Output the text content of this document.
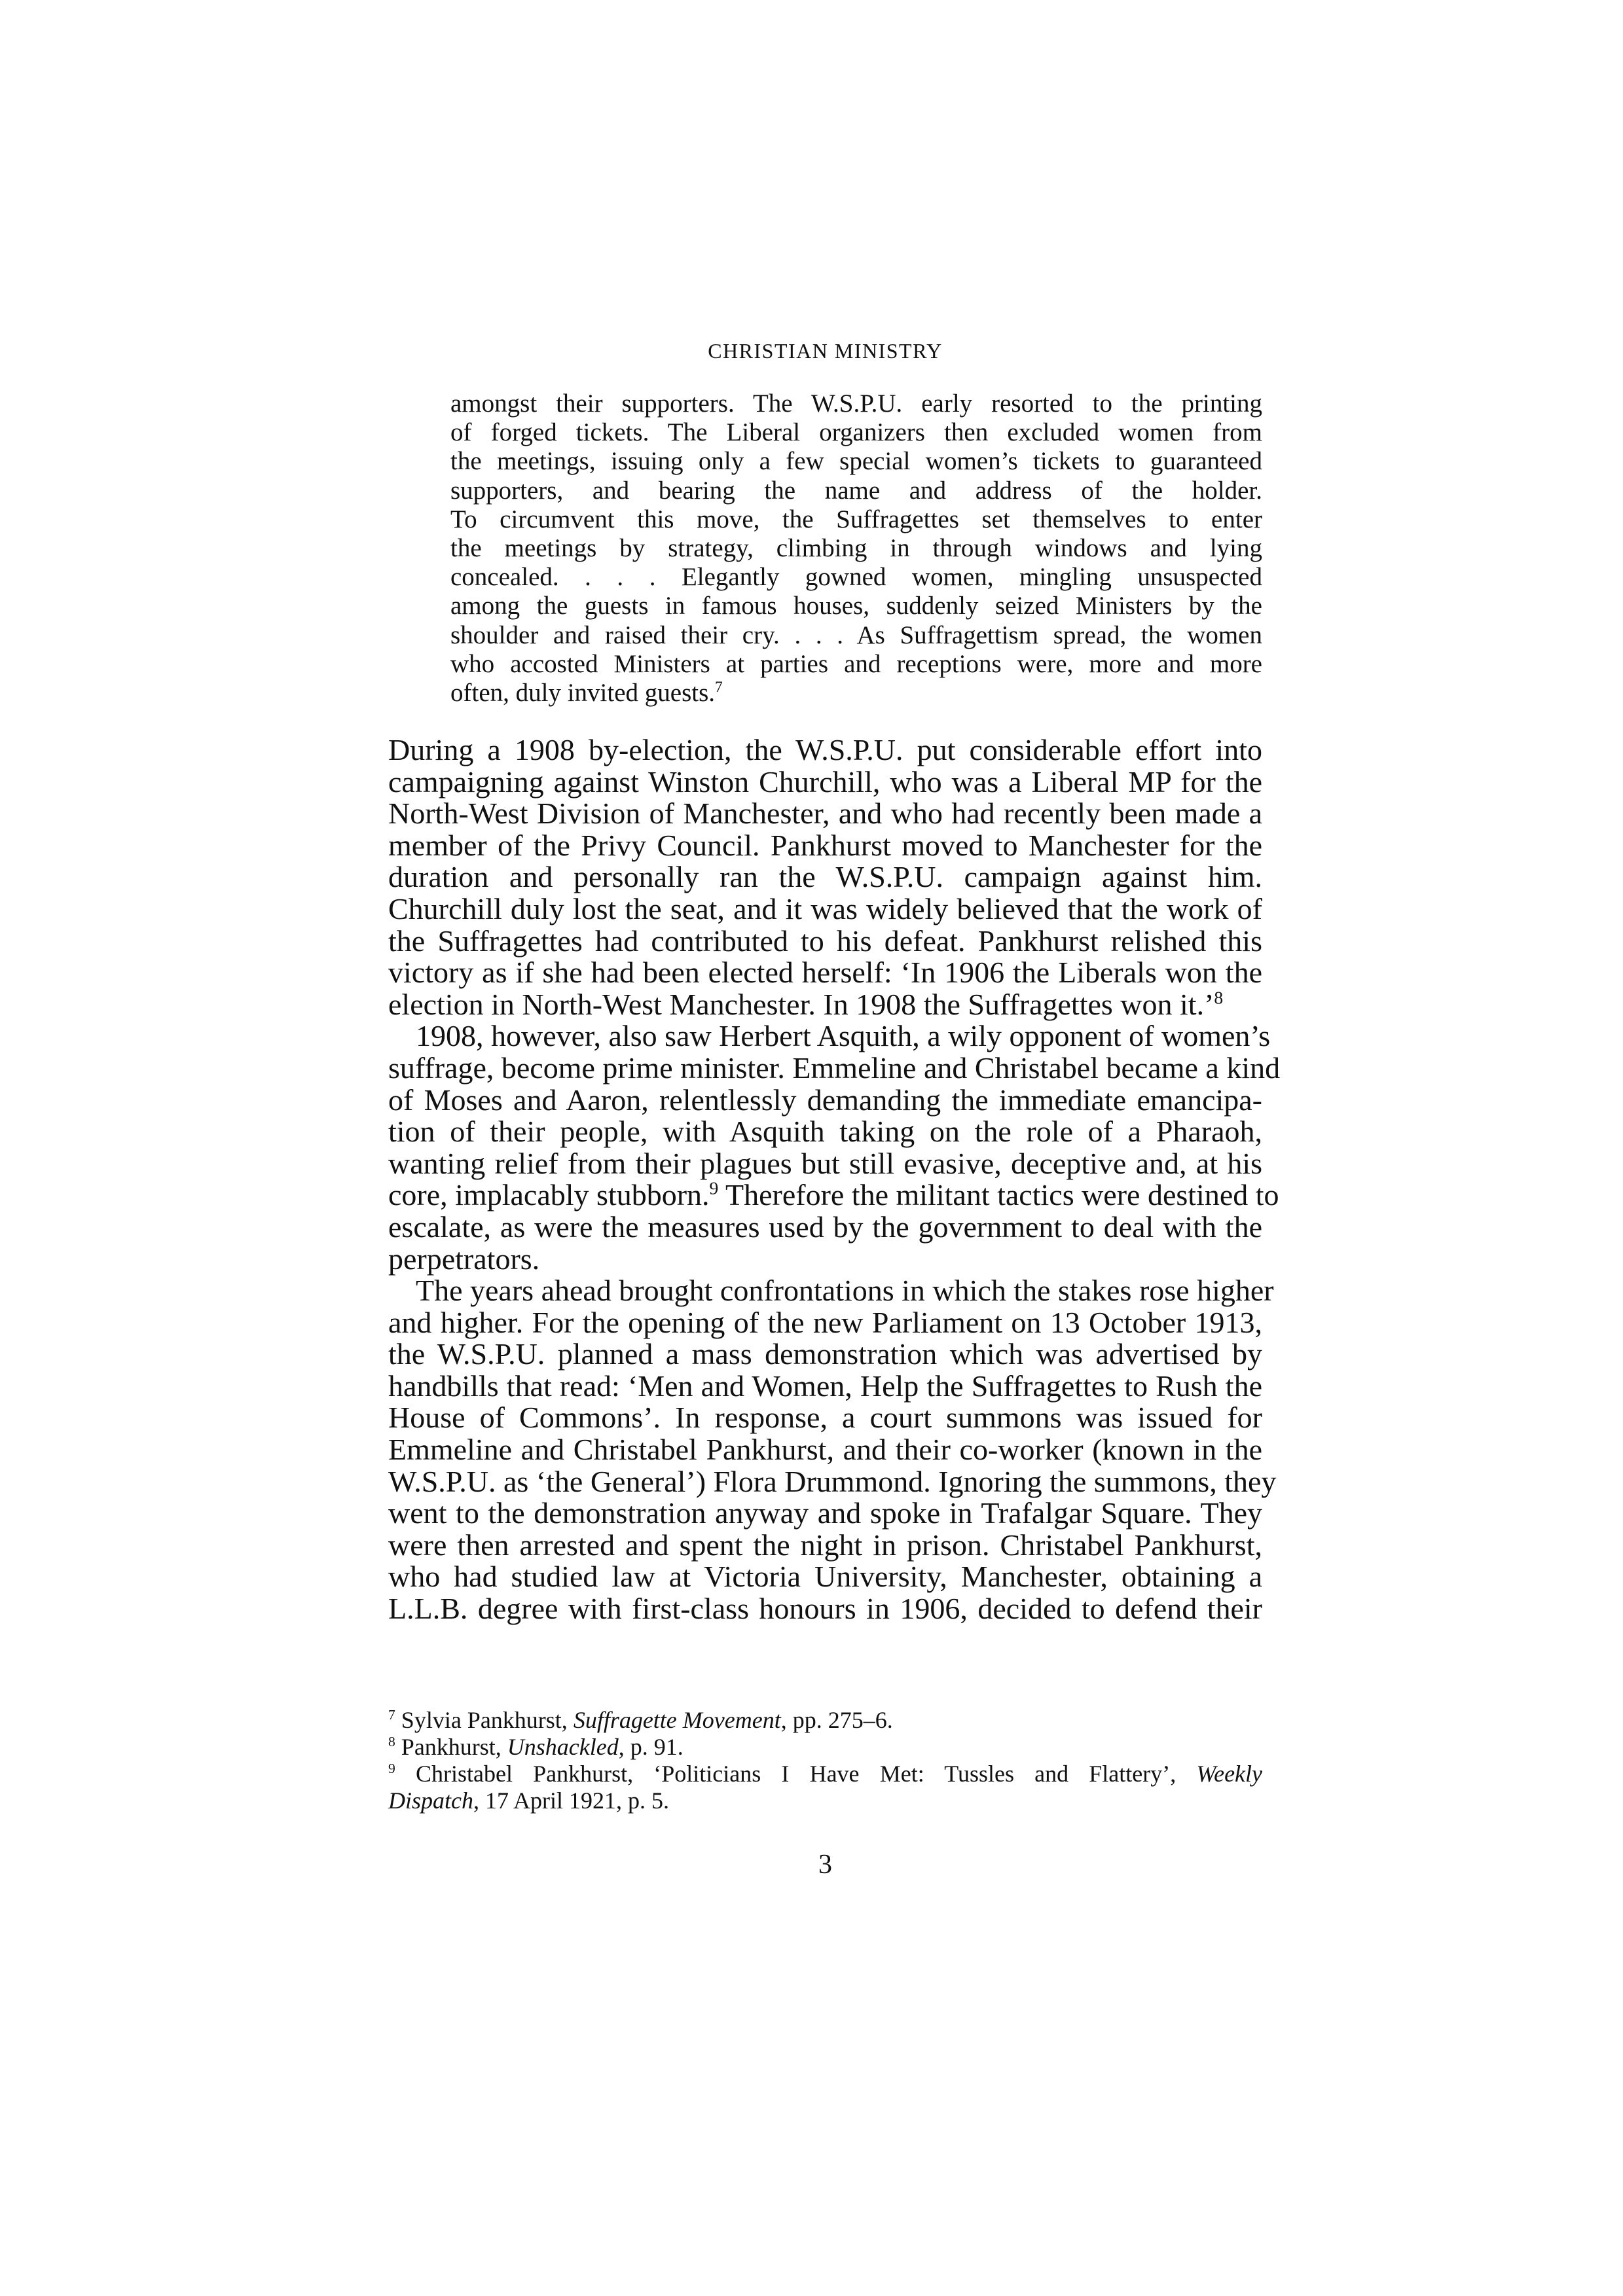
CHRISTIAN MINISTRY
amongst their supporters. The W.S.P.U. early resorted to the printing
of forged tickets. The Liberal organizers then excluded women from
the meetings, issuing only a few special women’s tickets to guaranteed
supporters, and bearing the name and address of the holder.
To circumvent this move, the Suffragettes set themselves to enter
the meetings by strategy, climbing in through windows and lying
concealed. . . . Elegantly gowned women, mingling unsuspected
among the guests in famous houses, suddenly seized Ministers by the
shoulder and raised their cry. . . . As Suffragettism spread, the women
who accosted Ministers at parties and receptions were, more and more
often, duly invited guests.$^7$
During a 1908 by-election, the W.S.P.U. put considerable effort into
campaigning against Winston Churchill, who was a Liberal MP for the
North-West Division of Manchester, and who had recently been made a
member of the Privy Council. Pankhurst moved to Manchester for the
duration and personally ran the W.S.P.U. campaign against him.
Churchill duly lost the seat, and it was widely believed that the work of
the Suffragettes had contributed to his defeat. Pankhurst relished this
victory as if she had been elected herself: ‘In 1906 the Liberals won the
election in North-West Manchester. In 1908 the Suffragettes won it.’$^8$
1908, however, also saw Herbert Asquith, a wily opponent of women’s
suffrage, become prime minister. Emmeline and Christabel became a kind
of Moses and Aaron, relentlessly demanding the immediate emancipa-
tion of their people, with Asquith taking on the role of a Pharaoh,
wanting relief from their plagues but still evasive, deceptive and, at his
core, implacably stubborn.$^9$ Therefore the militant tactics were destined to
escalate, as were the measures used by the government to deal with the
perpetrators.
The years ahead brought confrontations in which the stakes rose higher
and higher. For the opening of the new Parliament on 13 October 1913,
the W.S.P.U. planned a mass demonstration which was advertised by
handbills that read: ‘Men and Women, Help the Suffragettes to Rush the
House of Commons’. In response, a court summons was issued for
Emmeline and Christabel Pankhurst, and their co-worker (known in the
W.S.P.U. as ‘the General’) Flora Drummond. Ignoring the summons, they
went to the demonstration anyway and spoke in Trafalgar Square. They
were then arrested and spent the night in prison. Christabel Pankhurst,
who had studied law at Victoria University, Manchester, obtaining a
L.L.B. degree with first-class honours in 1906, decided to defend their
$^7$ Sylvia Pankhurst, Suffragette Movement, pp. 275–6.
$^8$ Pankhurst, Unshackled, p. 91.
$^9$ Christabel Pankhurst, ‘Politicians I Have Met: Tussles and Flattery’, Weekly
Dispatch, 17 April 1921, p. 5.
3
